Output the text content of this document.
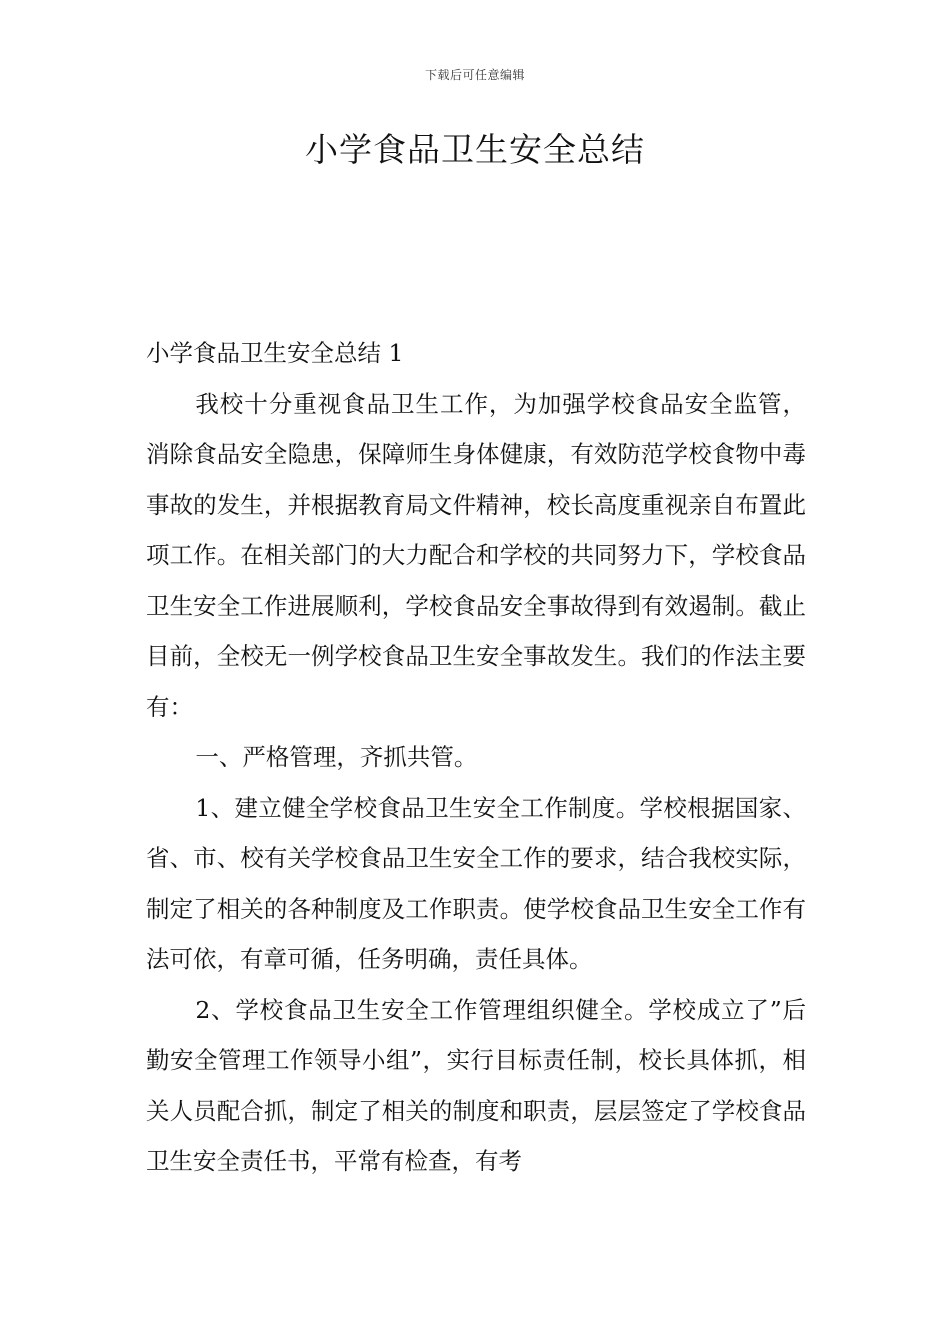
下载后可任意编辑
小学食品卫生安全总结

小学食品卫生安全总结 1

我校十分重视食品卫生工作，为加强学校食品安全监管，消除食品安全隐患，保障师生身体健康，有效防范学校食物中毒事故的发生，并根据教育局文件精神，校长高度重视亲自布置此项工作。在相关部门的大力配合和学校的共同努力下，学校食品卫生安全工作进展顺利，学校食品安全事故得到有效遏制。截止目前，全校无一例学校食品卫生安全事故发生。我们的作法主要有：

一、严格管理，齐抓共管。

1、建立健全学校食品卫生安全工作制度。学校根据国家、省、市、校有关学校食品卫生安全工作的要求，结合我校实际，制定了相关的各种制度及工作职责。使学校食品卫生安全工作有法可依，有章可循，任务明确，责任具体。

2、学校食品卫生安全工作管理组织健全。学校成立了”后勤安全管理工作领导小组”，实行目标责任制，校长具体抓，相关人员配合抓，制定了相关的制度和职责，层层签定了学校食品卫生安全责任书，平常有检查，有考
